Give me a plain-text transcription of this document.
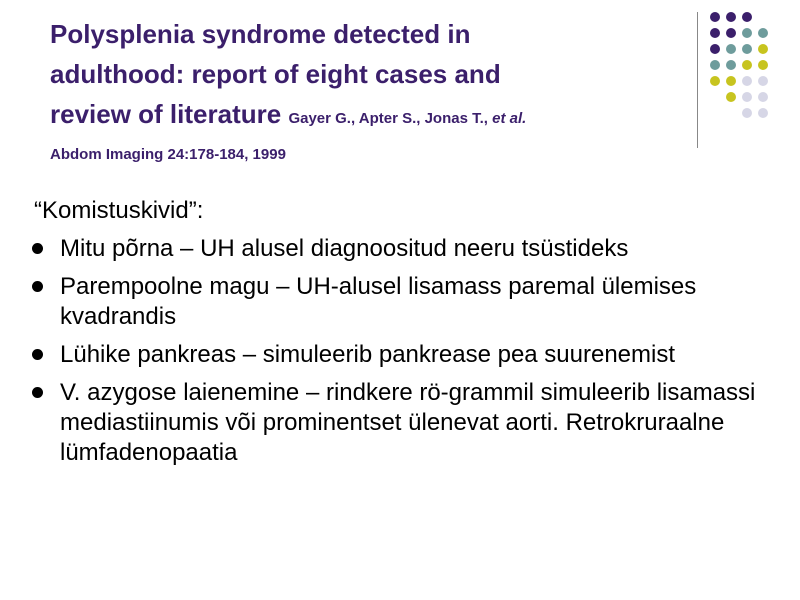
Polysplenia syndrome detected in
adulthood: report of eight cases and
review of literature Gayer G., Apter S., Jonas T., et al.
Abdom Imaging 24:178-184, 1999
“Komistuskivid”:
Mitu põrna – UH alusel diagnoositud neeru tsüstideks
Parempoolne magu – UH-alusel lisamass paremal ülemises kvadrandis
Lühike pankreas – simuleerib pankrease pea suurenemist
V. azygose laienemine – rindkere rö-grammil simuleerib lisamassi mediastiinumis või prominentset ülenevat aorti. Retrokruraalne lümfadenopaatia
